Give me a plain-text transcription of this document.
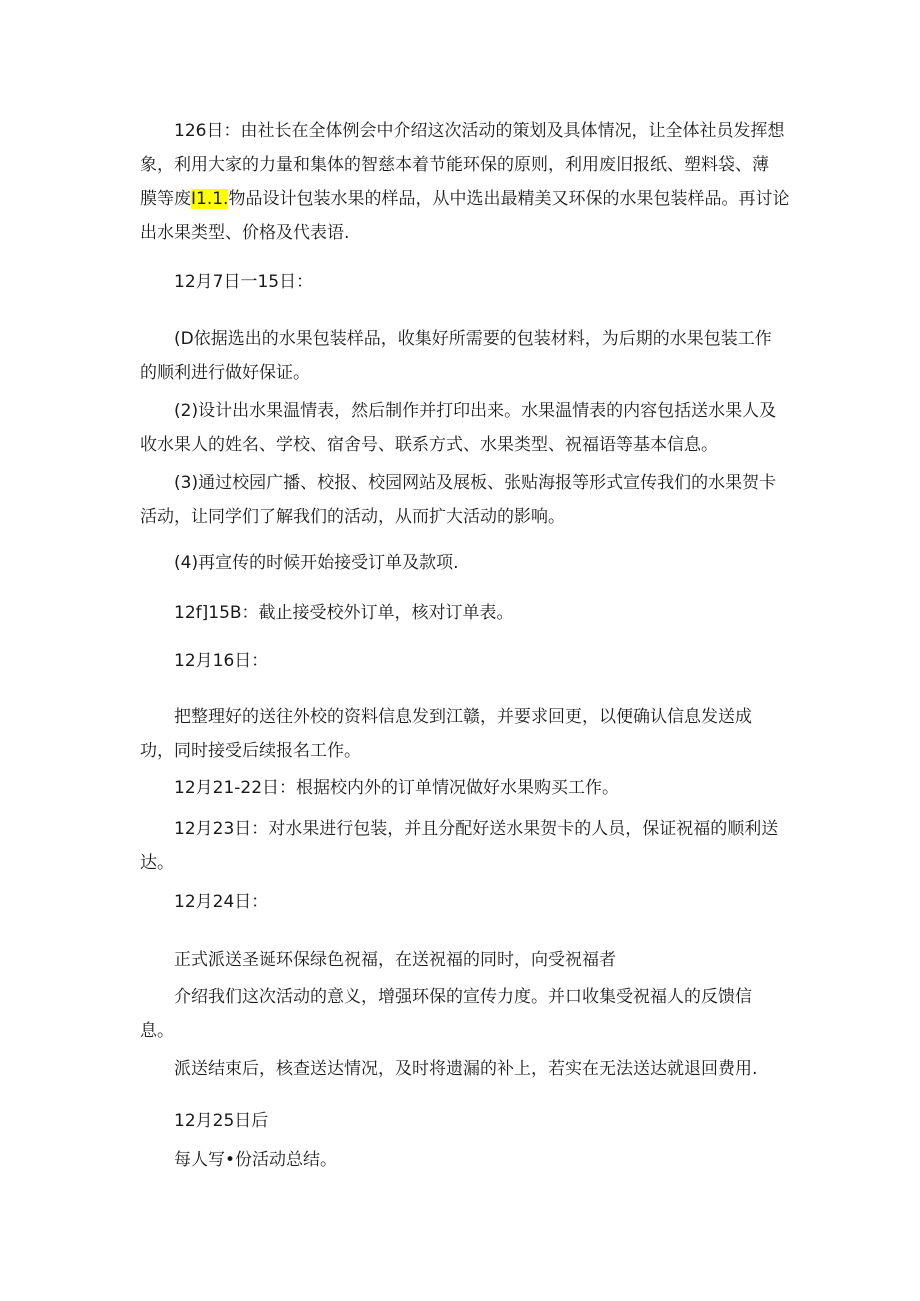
126日：由社长在全体例会中介绍这次活动的策划及具体情况，让全体社员发挥想
象，利用大家的力量和集体的智慈本着节能环保的原则，利用废旧报纸、塑料袋、薄
膜等废I1.1.物品设计包装水果的样品，从中选出最精美又环保的水果包装样品。再讨论
出水果类型、价格及代表语.

12月7日一15日：

(D依据选出的水果包装样品，收集好所需要的包装材料，为后期的水果包装工作
的顺利进行做好保证。

(2)设计出水果温情表，然后制作并打印出来。水果温情表的内容包括送水果人及
收水果人的姓名、学校、宿舍号、联系方式、水果类型、祝福语等基本信息。

(3)通过校园广播、校报、校园网站及展板、张贴海报等形式宣传我们的水果贺卡
活动，让同学们了解我们的活动，从而扩大活动的影响。

(4)再宣传的时候开始接受订单及款项.

12f]15B：截止接受校外订单，核对订单表。

12月16日：

把整理好的送往外校的资料信息发到江赣，并要求回更，以便确认信息发送成
功，同时接受后续报名工作。

12月21-22日：根据校内外的订单情况做好水果购买工作。

12月23日：对水果进行包装，并且分配好送水果贺卡的人员，保证祝福的顺利送
达。

12月24日：

正式派送圣诞环保绿色祝福，在送祝福的同时，向受祝福者

介绍我们这次活动的意义，增强环保的宣传力度。并口收集受祝福人的反馈信
息。

派送结束后，核查送达情况，及时将遗漏的补上，若实在无法送达就退回费用.

12月25日后

每人写•份活动总结。
